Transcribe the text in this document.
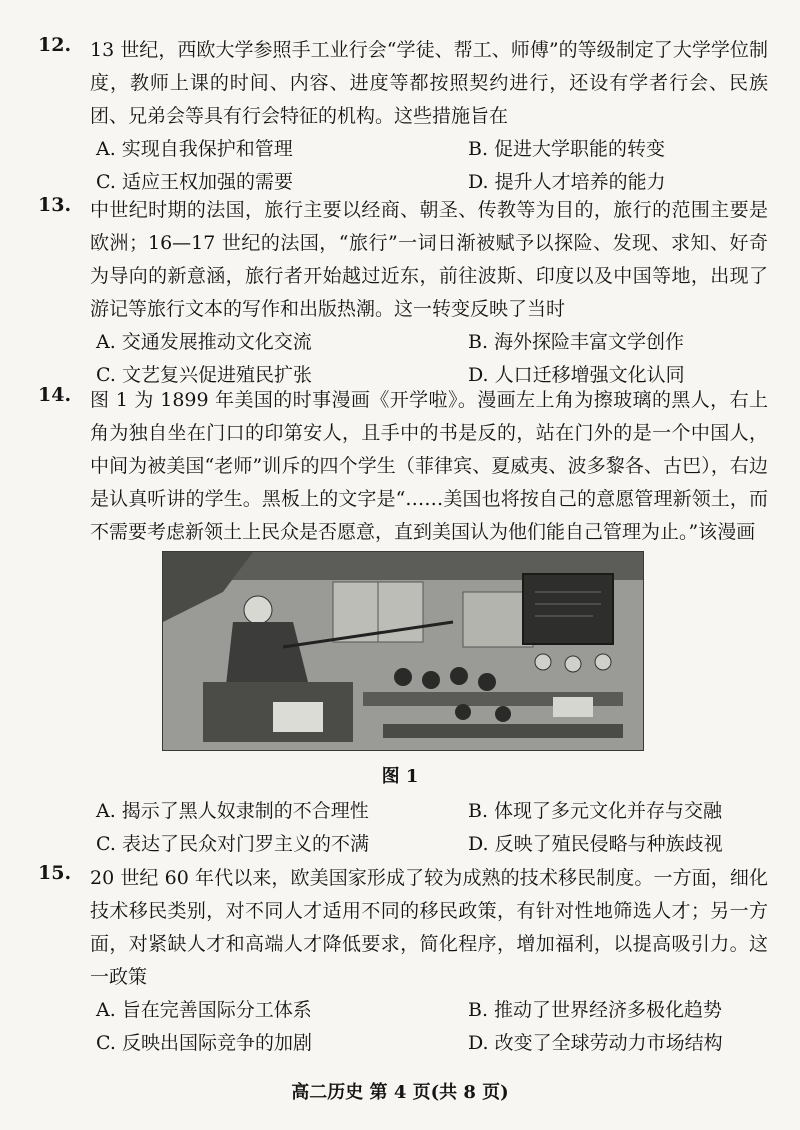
12. 13 世纪，西欧大学参照手工业行会“学徒、帮工、师傅”的等级制定了大学学位制度，教师上课的时间、内容、进度等都按照契约进行，还设有学者行会、民族团、兄弟会等具有行会特征的机构。这些措施旨在
A. 实现自我保护和管理	B. 促进大学职能的转变
C. 适应王权加强的需要	D. 提升人才培养的能力
13. 中世纪时期的法国，旅行主要以经商、朝圣、传教等为目的，旅行的范围主要是欧洲；16—17 世纪的法国，“旅行”一词日渐被赋予以探险、发现、求知、好奇为导向的新意涵，旅行者开始越过近东，前往波斯、印度以及中国等地，出现了游记等旅行文本的写作和出版热潮。这一转变反映了当时
A. 交通发展推动文化交流	B. 海外探险丰富文学创作
C. 文艺复兴促进殖民扩张	D. 人口迁移增强文化认同
14. 图 1 为 1899 年美国的时事漫画《开学啦》。漫画左上角为擦玻璃的黑人，右上角为独自坐在门口的印第安人，且手中的书是反的，站在门外的是一个中国人，中间为被美国“老师”训斥的四个学生（菲律宾、夏威夷、波多黎各、古巴），右边是认真听讲的学生。黑板上的文字是“……美国也将按自己的意愿管理新领土，而不需要考虑新领土上民众是否愿意，直到美国认为他们能自己管理为止。”该漫画
图 1
A. 揭示了黑人奴隶制的不合理性	B. 体现了多元文化并存与交融
C. 表达了民众对门罗主义的不满	D. 反映了殖民侵略与种族歧视
15. 20 世纪 60 年代以来，欧美国家形成了较为成熟的技术移民制度。一方面，细化技术移民类别，对不同人才适用不同的移民政策，有针对性地筛选人才；另一方面，对紧缺人才和高端人才降低要求，简化程序，增加福利，以提高吸引力。这一政策
A. 旨在完善国际分工体系	B. 推动了世界经济多极化趋势
C. 反映出国际竞争的加剧	D. 改变了全球劳动力市场结构
高二历史 第 4 页(共 8 页)
